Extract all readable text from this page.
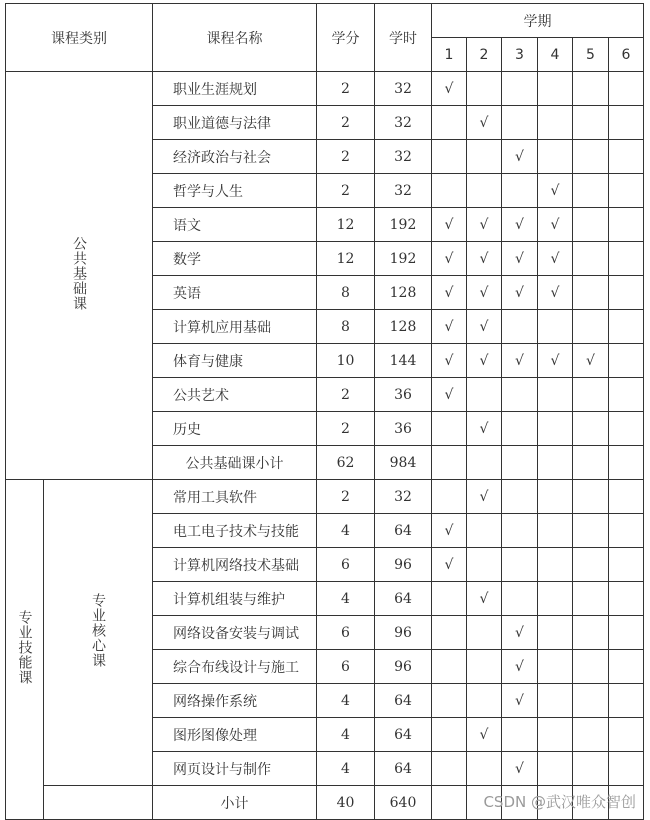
课程类别		课程名称	学分	学时	学期					
					1	2	3	4	5	6
公共基础课		职业生涯规划	2	32	√					
		职业道德与法律	2	32		√				
		经济政治与社会	2	32			√			
		哲学与人生	2	32				√		
		语文	12	192	√	√	√	√		
		数学	12	192	√	√	√	√		
		英语	8	128	√	√	√	√		
		计算机应用基础	8	128	√	√				
		体育与健康	10	144	√	√	√	√	√	
		公共艺术	2	36	√					
		历史	2	36		√				
		公共基础课小计	62	984						
专业技能课	专业核心课	常用工具软件	2	32		√				
		电工电子技术与技能	4	64	√					
		计算机网络技术基础	6	96	√					
		计算机组装与维护	4	64		√				
		网络设备安装与调试	6	96			√			
		综合布线设计与施工	6	96			√			
		网络操作系统	4	64			√			
		图形图像处理	4	64		√				
		网页设计与制作	4	64			√			
		小计	40	640							CSDN @武汉唯众智创
